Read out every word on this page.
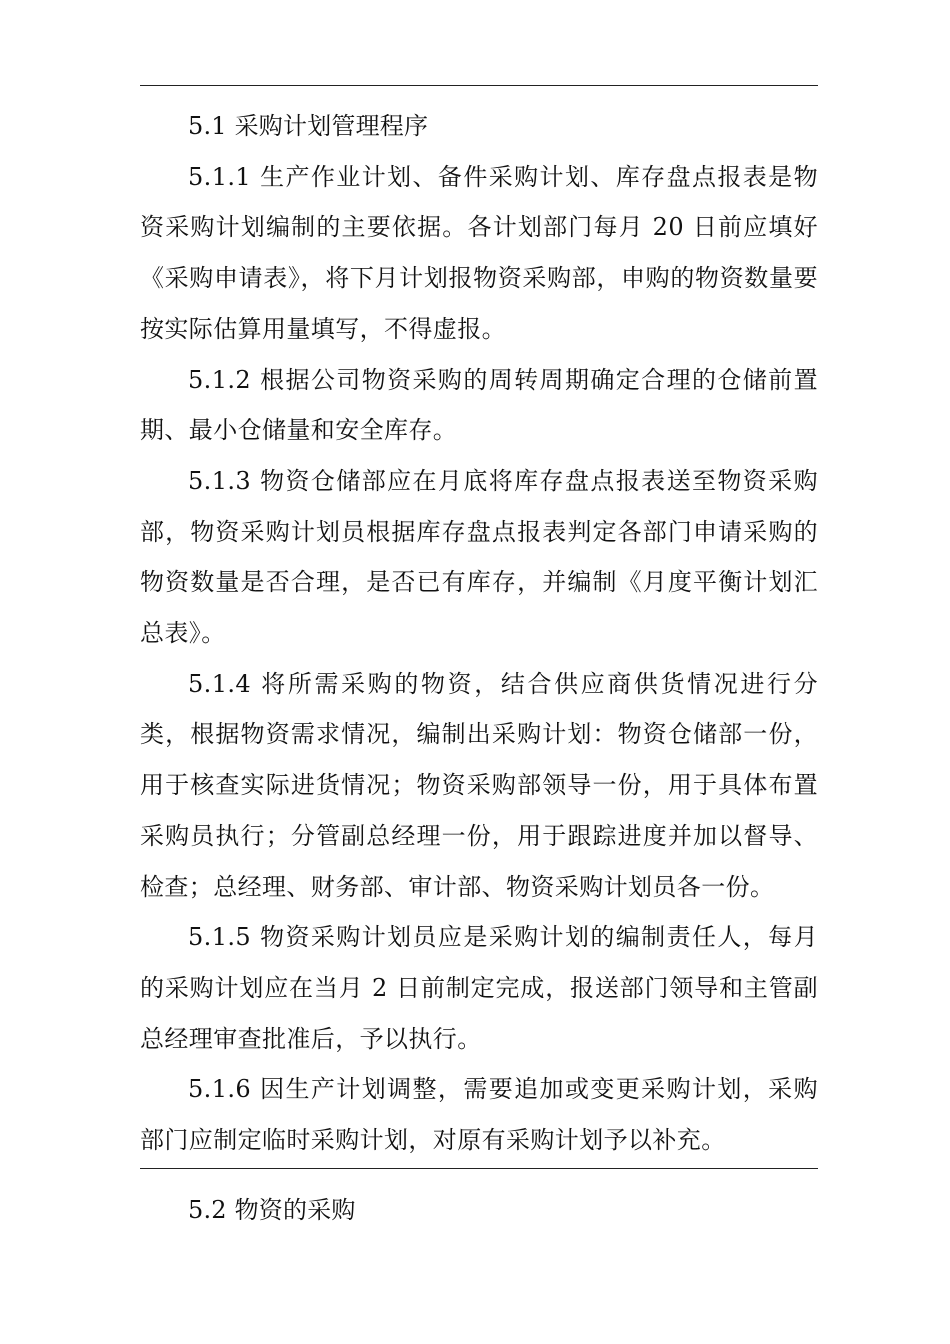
5.1 采购计划管理程序

5.1.1 生产作业计划、备件采购计划、库存盘点报表是物资采购计划编制的主要依据。各计划部门每月 20 日前应填好《采购申请表》，将下月计划报物资采购部，申购的物资数量要按实际估算用量填写，不得虚报。

5.1.2 根据公司物资采购的周转周期确定合理的仓储前置期、最小仓储量和安全库存。

5.1.3 物资仓储部应在月底将库存盘点报表送至物资采购部，物资采购计划员根据库存盘点报表判定各部门申请采购的物资数量是否合理，是否已有库存，并编制《月度平衡计划汇总表》。

5.1.4 将所需采购的物资，结合供应商供货情况进行分类，根据物资需求情况，编制出采购计划：物资仓储部一份，用于核查实际进货情况；物资采购部领导一份，用于具体布置采购员执行；分管副总经理一份，用于跟踪进度并加以督导、检查；总经理、财务部、审计部、物资采购计划员各一份。

5.1.5 物资采购计划员应是采购计划的编制责任人，每月的采购计划应在当月 2 日前制定完成，报送部门领导和主管副总经理审查批准后，予以执行。

5.1.6 因生产计划调整，需要追加或变更采购计划，采购部门应制定临时采购计划，对原有采购计划予以补充。

5.2 物资的采购
